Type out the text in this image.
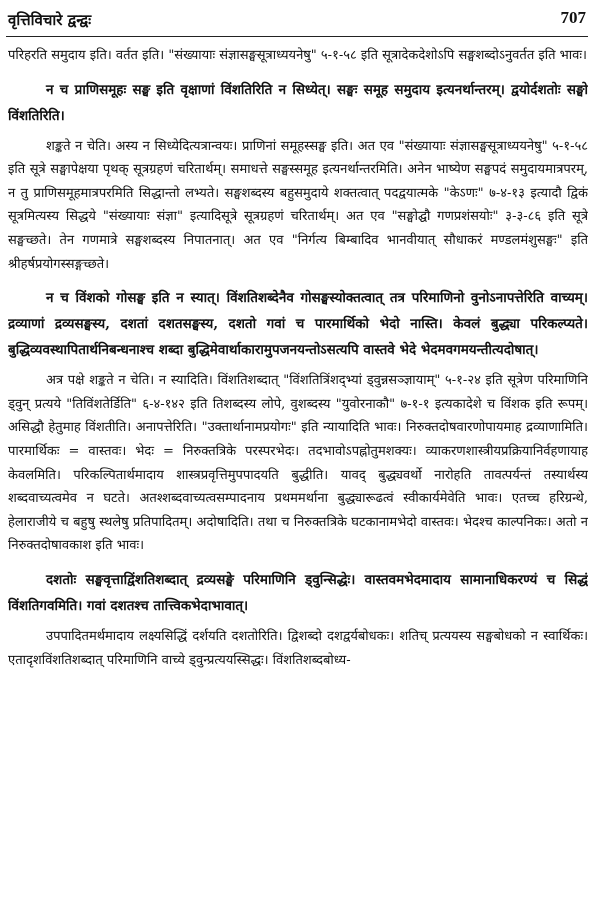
वृत्तिविचारे द्वन्द्वः	707

परिहरति समुदाय इति। वर्तत इति। "संख्यायाः संज्ञासङ्घसूत्राध्ययनेषु" ५-१-५८ इति सूत्रादेकदेशोऽपि सङ्घशब्दोऽनुवर्तत इति भावः।

न च प्राणिसमूहः सङ्घ इति वृक्षाणां विंशतिरिति न सिध्येत्। सङ्घः समूह समुदाय इत्यनर्थान्तरम्। द्वयोर्दशतोः सङ्घो विंशतिरिति।

शङ्कते न चेति। अस्य न सिध्येदित्यत्रान्वयः। प्राणिनां समूहस्सङ्घ इति। अत एव "संख्यायाः संज्ञासङ्घसूत्राध्ययनेषु" ५-१-५८ इति सूत्रे सङ्घापेक्षया पृथक् सूत्रग्रहणं चरितार्थम्। समाधत्ते सङ्घस्समूह इत्यनर्थान्तरमिति। अनेन भाष्येण सङ्घपदं समुदायमात्रपरम्, न तु प्राणिसमूहमात्रपरमिति सिद्धान्तो लभ्यते। सङ्घशब्दस्य बहुसमुदाये शक्तत्वात् पदद्वयात्मके "केऽणः" ७-४-१३ इत्यादौ द्विकं सूत्रमित्यस्य सिद्धये "संख्यायाः संज्ञा" इत्यादिसूत्रे सूत्रग्रहणं चरितार्थम्। अत एव "सङ्घोद्घौ गणप्रशंसयोः" ३-३-८६ इति सूत्रे सङ्घच्छते। तेन गणमात्रे सङ्घशब्दस्य निपातनात्। अत एव "निर्गत्य बिम्बादिव भानवीयात् सौधाकरं मण्डलमंशुसङ्घः" इति श्रीहर्षप्रयोगस्सङ्गच्छते।

न च विंशको गोसङ्घ इति न स्यात्। विंशतिशब्देनैव गोसङ्घस्योक्तत्वात् तत्र परिमाणिनो वुनोऽनापत्तेरिति वाच्यम्। द्रव्याणां द्रव्यसङ्घस्य, दशतां दशतसङ्घस्य, दशतो गवां च पारमार्थिको भेदो नास्ति। केवलं बुद्ध्या परिकल्प्यते। बुद्धिव्यवस्थापितार्थनिबन्धनाश्च शब्दा बुद्धिमेवार्थाकारामुपजनयन्तोऽसत्यपि वास्तवे भेदे भेदमवगमयन्तीत्यदोषात्।

अत्र पक्षे शङ्कते न चेति। न स्यादिति। विंशतिशब्दात् "विंशतित्रिंशद्भ्यां ड्वुन्नसञ्ज्ञायाम्" ५-१-२४ इति सूत्रेण परिमाणिनि ड्वुन् प्रत्यये "तिविंशतेर्डिति" ६-४-१४२ इति तिशब्दस्य लोपे, वुशब्दस्य "युवोरनाकौ" ७-१-१ इत्यकादेशे च विंशक इति रूपम्। असिद्धौ हेतुमाह विंशतीति। अनापत्तेरिति। "उक्तार्थानामप्रयोगः" इति न्यायादिति भावः। निरुक्तदोषवारणोपायमाह द्रव्याणामिति। पारमार्थिकः = वास्तवः। भेदः = निरुक्तत्रिके परस्परभेदः। तदभावोऽपह्नोतुमशक्यः। व्याकरणशास्त्रीयप्रक्रियानिर्वहणायाह केवलमिति। परिकल्पितार्थमादाय शास्त्रप्रवृत्तिमुपपादयति बुद्धीति। यावद् बुद्ध्यवर्थो नारोहति तावत्पर्यन्तं तस्यार्थस्य शब्दवाच्यत्वमेव न घटते। अतश्शब्दवाच्यत्वसम्पादनाय प्रथममर्थाना बुद्ध्यारूढत्वं स्वीकार्यमेवेति भावः। एतच्च हरिग्रन्थे, हेलाराजीये च बहुषु स्थलेषु प्रतिपादितम्। अदोषादिति। तथा च निरुक्तत्रिके घटकानामभेदो वास्तवः। भेदश्च काल्पनिकः। अतो न निरुक्तदोषावकाश इति भावः।

दशतोः सङ्घवृत्ताद्विंशतिशब्दात् द्रव्यसङ्घे परिमाणिनि ड्वुन्सिद्धेः। वास्तवमभेदमादाय सामानाधिकरण्यं च सिद्धं विंशतिगवमिति। गवां दशतश्च तात्त्विकभेदाभावात्।

उपपादितमर्थमादाय लक्ष्यसिद्धिं दर्शयति दशतोरिति। द्विशब्दो दशद्वर्यबोधकः। शतिच् प्रत्ययस्य सङ्घबोधको न स्वार्थिकः। एतादृशविंशतिशब्दात् परिमाणिनि वाच्ये ड्वुन्प्रत्ययस्सिद्धः। विंशतिशब्दबोध्य-
